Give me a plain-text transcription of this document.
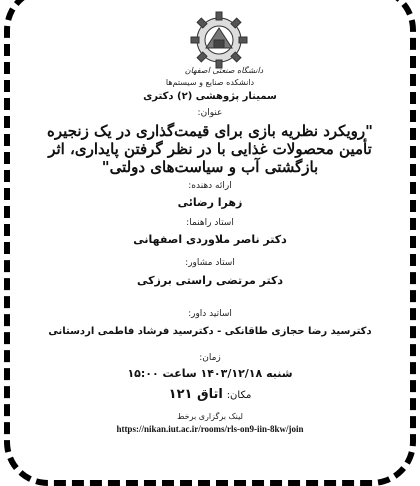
دانشگاه صنعتی اصفهان
دانشکده صنایع و سیستم‌ها
سمینار پژوهشی (۲) دکتری
عنوان:
"رویکرد نظریه بازی برای قیمت‌گذاری در یک زنجیره
تأمین محصولات غذایی با در نظر گرفتن پایداری، اثر
بازگشتی آب و سیاست‌های دولتی"
ارائه دهنده:
زهرا رضائی
استاد راهنما:
دکتر ناصر ملاوردی اصفهانی
استاد مشاور:
دکتر مرتضی راستی برزکی
اساتید داور:
دکترسید رضا حجازی طاقانکی - دکترسید فرشاد فاطمی اردستانی
زمان:
شنبه ۱۴۰۳/۱۲/۱۸ ساعت ۱۵:۰۰
مکان: اتاق ۱۲۱
لینک برگزاری برخط
https://nikan.iut.ac.ir/rooms/rls-on9-iin-8kw/join
